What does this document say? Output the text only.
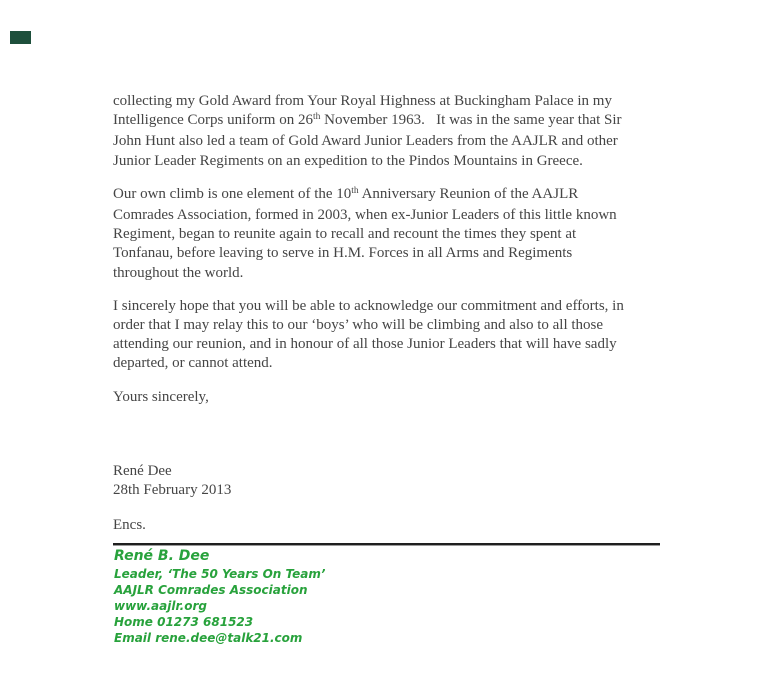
collecting my Gold Award from Your Royal Highness at Buckingham Palace in my
Intelligence Corps uniform on 26th November 1963.   It was in the same year that Sir
John Hunt also led a team of Gold Award Junior Leaders from the AAJLR and other
Junior Leader Regiments on an expedition to the Pindos Mountains in Greece.
Our own climb is one element of the 10th Anniversary Reunion of the AAJLR
Comrades Association, formed in 2003, when ex-Junior Leaders of this little known
Regiment, began to reunite again to recall and recount the times they spent at
Tonfanau, before leaving to serve in H.M. Forces in all Arms and Regiments
throughout the world.
I sincerely hope that you will be able to acknowledge our commitment and efforts, in
order that I may relay this to our ‘boys’ who will be climbing and also to all those
attending our reunion, and in honour of all those Junior Leaders that will have sadly
departed, or cannot attend.
Yours sincerely,
René Dee
28th February 2013
Encs.
René B. Dee
Leader, ‘The 50 Years On Team’
AAJLR Comrades Association
www.aajlr.org
Home 01273 681523
Email rene.dee@talk21.com
